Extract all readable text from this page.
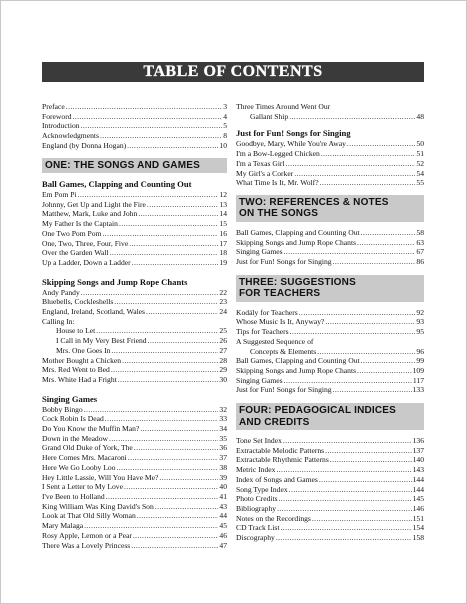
TABLE OF CONTENTS
Preface .....	3
Foreword .....	4
Introduction .....	5
Acknowledgments .....	8
England (by Donna Hogan) .....	10
ONE: THE SONGS AND GAMES
Ball Games, Clapping and Counting Out
Em Pom Pi .....	12
Johnny, Get Up and Light the Fire .....	13
Matthew, Mark, Luke and John .....	14
My Father Is the Captain .....	15
One Two Pom Pom .....	16
One, Two, Three, Four, Five .....	17
Over the Garden Wall .....	18
Up a Ladder, Down a Ladder .....	19
Skipping Songs and Jump Rope Chants
Andy Pandy .....	22
Bluebells, Cockleshells .....	23
England, Ireland, Scotland, Wales .....	24
Calling In:
House to Let .....	25
I Call in My Very Best Friend .....	26
Mrs. One Goes In .....	27
Mother Bought a Chicken .....	28
Mrs. Red Went to Bed .....	29
Mrs. White Had a Fright .....	30
Singing Games
Bobby Bingo .....	32
Cock Robin Is Dead .....	33
Do You Know the Muffin Man? .....	34
Down in the Meadow .....	35
Grand Old Duke of York, The .....	36
Here Comes Mrs. Macaroni .....	37
Here We Go Looby Loo .....	38
Hey Little Lassie, Will You Have Me? .....	39
I Sent a Letter to My Love .....	40
I've Been to Holland .....	41
King William Was King David's Son .....	43
Look at That Old Silly Woman .....	44
Mary Malaga .....	45
Rosy Apple, Lemon or a Pear .....	46
There Was a Lovely Princess .....	47
Three Times Around Went Our
Gallant Ship .....	48
Just for Fun! Songs for Singing
Goodbye, Mary, While You're Away .....	50
I'm a Bow-Legged Chicken .....	51
I'm a Texas Girl .....	52
My Girl's a Corker .....	54
What Time Is It, Mr. Wolf? .....	55
TWO: REFERENCES & NOTES
ON THE SONGS
Ball Games, Clapping and Counting Out .....	58
Skipping Songs and Jump Rope Chants .....	63
Singing Games .....	67
Just for Fun! Songs for Singing .....	86
THREE: SUGGESTIONS
FOR TEACHERS
Kodály for Teachers .....	92
Whose Music Is It, Anyway? .....	93
Tips for Teachers .....	95
A Suggested Sequence of
Concepts & Elements .....	96
Ball Games, Clapping and Counting Out .....	99
Skipping Songs and Jump Rope Chants .....	109
Singing Games .....	117
Just for Fun! Songs for Singing .....	133
FOUR: PEDAGOGICAL INDICES
AND CREDITS
Tone Set Index .....	136
Extractable Melodic Patterns .....	137
Extractable Rhythmic Patterns .....	140
Metric Index .....	143
Index of Songs and Games .....	144
Song Type Index .....	144
Photo Credits .....	145
Bibliography .....	146
Notes on the Recordings .....	151
CD Track List .....	154
Discography .....	158
